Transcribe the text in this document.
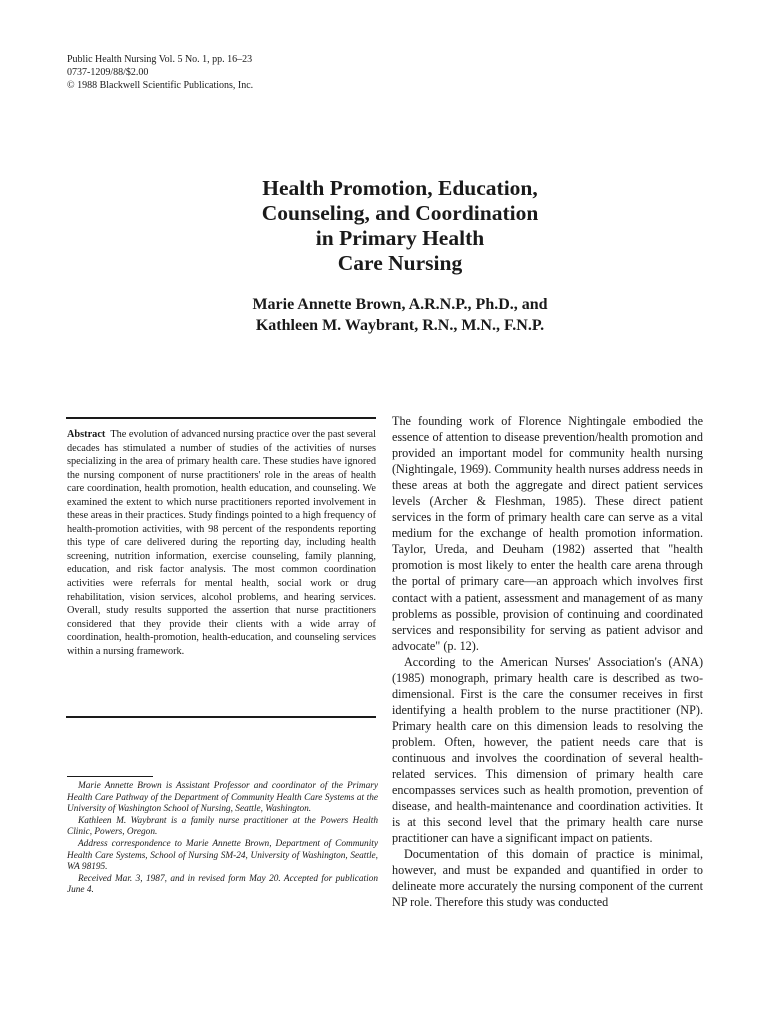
Public Health Nursing Vol. 5 No. 1, pp. 16–23
0737-1209/88/$2.00
© 1988 Blackwell Scientific Publications, Inc.
Health Promotion, Education,
Counseling, and Coordination
in Primary Health
Care Nursing
Marie Annette Brown, A.R.N.P., Ph.D., and
Kathleen M. Waybrant, R.N., M.N., F.N.P.
Abstract The evolution of advanced nursing practice over the past several decades has stimulated a number of studies of the activities of nurses specializing in the area of primary health care. These studies have ignored the nursing component of nurse practitioners' role in the areas of health care coordination, health promotion, health education, and counseling. We examined the extent to which nurse practitioners reported involvement in these areas in their practices. Study findings pointed to a high frequency of health-promotion activities, with 98 percent of the respondents reporting this type of care delivered during the reporting day, including health screening, nutrition information, exercise counseling, family planning, education, and risk factor analysis. The most common coordination activities were referrals for mental health, social work or drug rehabilitation, vision services, alcohol problems, and hearing services. Overall, study results supported the assertion that nurse practitioners considered that they provide their clients with a wide array of coordination, health-promotion, health-education, and counseling services within a nursing framework.

Marie Annette Brown is Assistant Professor and coordinator of the Primary Health Care Pathway of the Department of Community Health Care Systems at the University of Washington School of Nursing, Seattle, Washington.

Kathleen M. Waybrant is a family nurse practitioner at the Powers Health Clinic, Powers, Oregon.

Address correspondence to Marie Annette Brown, Department of Community Health Care Systems, School of Nursing SM-24, University of Washington, Seattle, WA 98195.

Received Mar. 3, 1987, and in revised form May 20. Accepted for publication June 4.

The founding work of Florence Nightingale embodied the essence of attention to disease prevention/health promotion and provided an important model for community health nursing (Nightingale, 1969). Community health nurses address needs in these areas at both the aggregate and direct patient services levels (Archer & Fleshman, 1985). These direct patient services in the form of primary health care can serve as a vital medium for the exchange of health promotion information. Taylor, Ureda, and Deuham (1982) asserted that "health promotion is most likely to enter the health care arena through the portal of primary care—an approach which involves first contact with a patient, assessment and management of as many problems as possible, provision of continuing and coordinated services and responsibility for serving as patient advisor and advocate" (p. 12).

According to the American Nurses' Association's (ANA) (1985) monograph, primary health care is described as two-dimensional. First is the care the consumer receives in first identifying a health problem to the nurse practitioner (NP). Primary health care on this dimension leads to resolving the problem. Often, however, the patient needs care that is continuous and involves the coordination of several health-related services. This dimension of primary health care encompasses services such as health promotion, prevention of disease, and health-maintenance and coordination activities. It is at this second level that the primary health care nurse practitioner can have a significant impact on patients.

Documentation of this domain of practice is minimal, however, and must be expanded and quantified in order to delineate more accurately the nursing component of the current NP role. Therefore this study was conducted
